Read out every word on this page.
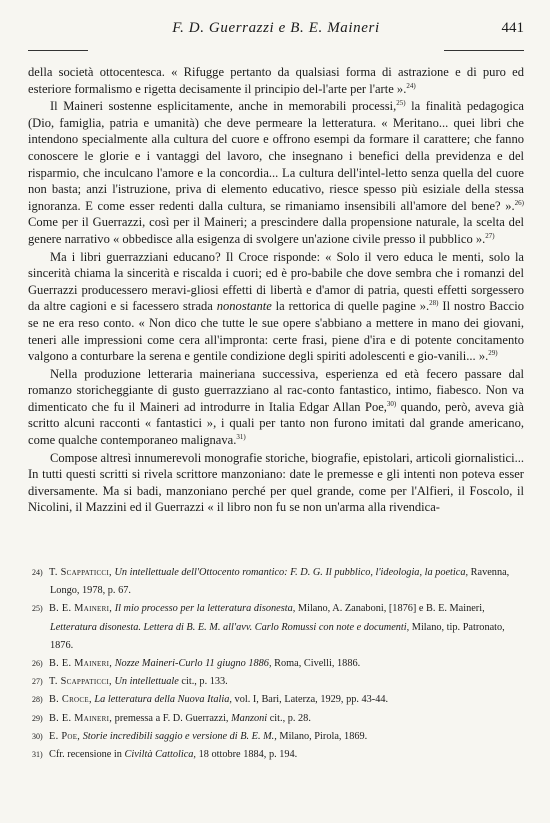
F. D. Guerrazzi e B. E. Maineri	441

della società ottocentesca. « Rifugge pertanto da qualsiasi forma di astrazione e di puro ed esteriore formalismo e rigetta decisamente il principio del-l'arte per l'arte ».$^{24)}$

Il Maineri sostenne esplicitamente, anche in memorabili processi,$^{25)}$ la finalità pedagogica (Dio, famiglia, patria e umanità) che deve permeare la letteratura. « Meritano... quei libri che intendono specialmente alla cultura del cuore e offrono esempi da formare il carattere; che fanno conoscere le glorie e i vantaggi del lavoro, che insegnano i benefici della previdenza e del risparmio, che inculcano l'amore e la concordia... La cultura dell'intel-letto senza quella del cuore non basta; anzi l'istruzione, priva di elemento educativo, riesce spesso più esiziale della stessa ignoranza. E come esser redenti dalla cultura, se rimaniamo insensibili all'amore del bene? ».$^{26)}$ Come per il Guerrazzi, così per il Maineri; a prescindere dalla propensione naturale, la scelta del genere narrativo « obbedisce alla esigenza di svolgere un'azione civile presso il pubblico ».$^{27)}$

Ma i libri guerrazziani educano? Il Croce risponde: « Solo il vero educa le menti, solo la sincerità chiama la sincerità e riscalda i cuori; ed è pro-babile che dove sembra che i romanzi del Guerrazzi producessero meravi-gliosi effetti di libertà e d'amor di patria, questi effetti sorgessero da altre cagioni e si facessero strada nonostante la rettorica di quelle pagine ».$^{28)}$ Il nostro Baccio se ne era reso conto. « Non dico che tutte le sue opere s'abbiano a mettere in mano dei giovani, teneri alle impressioni come cera all'impronta: certe frasi, piene d'ira e di potente concitamento valgono a conturbare la serena e gentile condizione degli spiriti adolescenti e gio-vanili... ».$^{29)}$

Nella produzione letteraria maineriana successiva, esperienza ed età fecero passare dal romanzo storicheggiante di gusto guerrazziano al rac-conto fantastico, intimo, fiabesco. Non va dimenticato che fu il Maineri ad introdurre in Italia Edgar Allan Poe,$^{30)}$ quando, però, aveva già scritto alcuni racconti « fantastici », i quali per tanto non furono imitati dal grande americano, come qualche contemporaneo malignava.$^{31)}$

Compose altresì innumerevoli monografie storiche, biografie, epistolari, articoli giornalistici... In tutti questi scritti si rivela scrittore manzoniano: date le premesse e gli intenti non poteva esser diversamente. Ma si badi, manzoniano perché per quel grande, come per l'Alfieri, il Foscolo, il Nicolini, il Mazzini ed il Guerrazzi « il libro non fu se non un'arma alla rivendica-

24) T. Scappaticci, Un intellettuale dell'Ottocento romantico: F. D. G. Il pubblico, l'ideologia, la poetica, Ravenna, Longo, 1978, p. 67.
25) B. E. Maineri, Il mio processo per la letteratura disonesta, Milano, A. Zanaboni, [1876] e B. E. Maineri, Letteratura disonesta. Lettera di B. E. M. all'avv. Carlo Romussi con note e documenti, Milano, tip. Patronato, 1876.
26) B. E. Maineri, Nozze Maineri-Curlo 11 giugno 1886, Roma, Civelli, 1886.
27) T. Scappaticci, Un intellettuale cit., p. 133.
28) B. Croce, La letteratura della Nuova Italia, vol. I, Bari, Laterza, 1929, pp. 43-44.
29) B. E. Maineri, premessa a F. D. Guerrazzi, Manzoni cit., p. 28.
30) E. Poe, Storie incredibili saggio e versione di B. E. M., Milano, Pirola, 1869.
31) Cfr. recensione in Civiltà Cattolica, 18 ottobre 1884, p. 194.
